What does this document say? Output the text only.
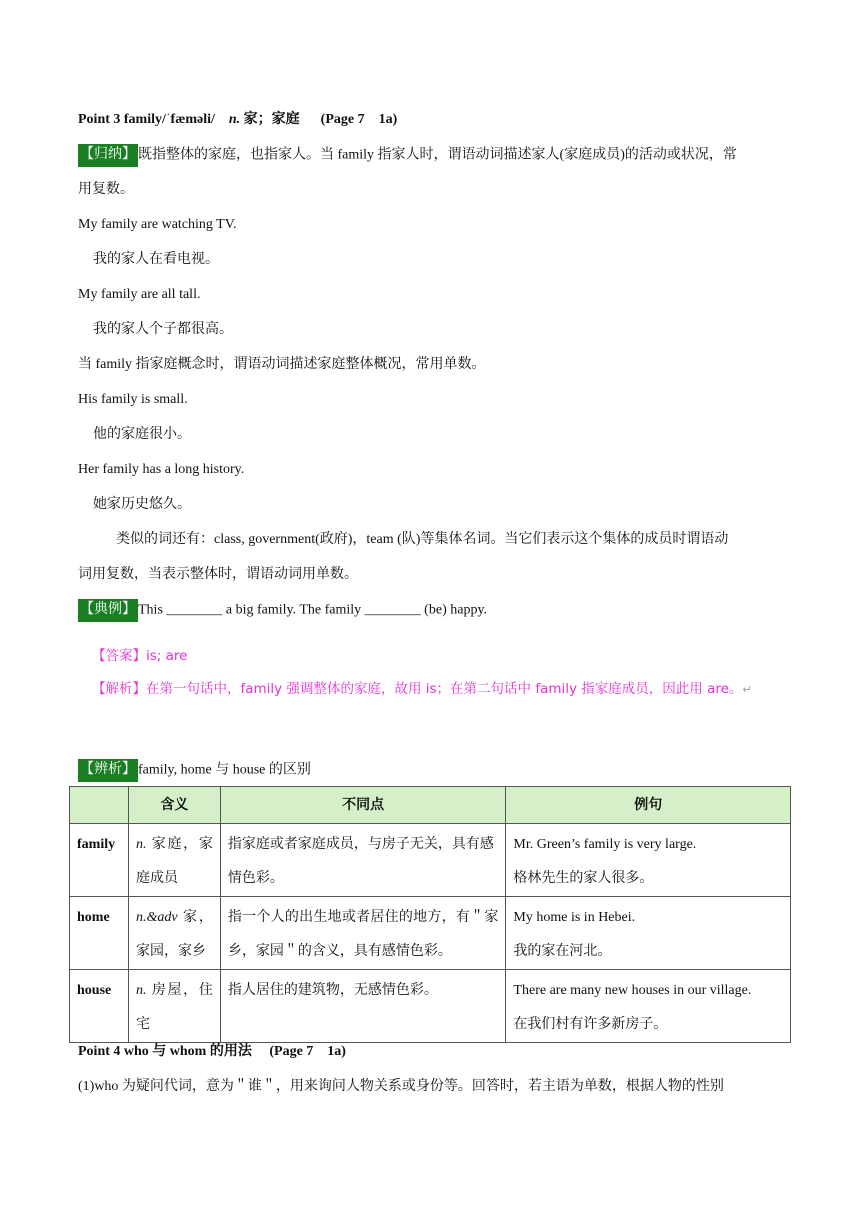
Point 3 family/ˈfæməli/ n. 家；家庭 (Page 7　1a)
【归纳】 既指整体的家庭，也指家人。当 family 指家人时，谓语动词描述家人(家庭成员)的活动或状况，常
用复数。
My family are watching TV.
我的家人在看电视。
My family are all tall.
我的家人个子都很高。
当 family 指家庭概念时，谓语动词描述家庭整体概况，常用单数。
His family is small.
他的家庭很小。
Her family has a long history.
她家历史悠久。
类似的词还有：class, government(政府)，team (队)等集体名词。当它们表示这个集体的成员时谓语动
词用复数，当表示整体时，谓语动词用单数。
【典例】 This ________ a big family. The family ________ (be) happy.
【答案】is; are
【解析】在第一句话中，family 强调整体的家庭，故用 is；在第二句话中 family 指家庭成员，因此用 are。↵
【辨析】 family, home 与 house 的区别
	含义	不同点	例句
family	n. 家庭，家庭成员	指家庭或者家庭成员，与房子无关，具有感情色彩。	Mr. Green’s family is very large.
格林先生的家人很多。

home	n.&adv 家，家园，家乡	指一个人的出生地或者居住的地方，有＂家乡，家园＂的含义，具有感情色彩。	My home is in Hebei.
我的家在河北。

house	n. 房屋，住宅	指人居住的建筑物，无感情色彩。	There are many new houses in our village.
在我们村有许多新房子。
Point 4 who 与 whom 的用法 (Page 7　1a)
(1)who 为疑问代词，意为＂谁＂，用来询问人物关系或身份等。回答时，若主语为单数，根据人物的性别
